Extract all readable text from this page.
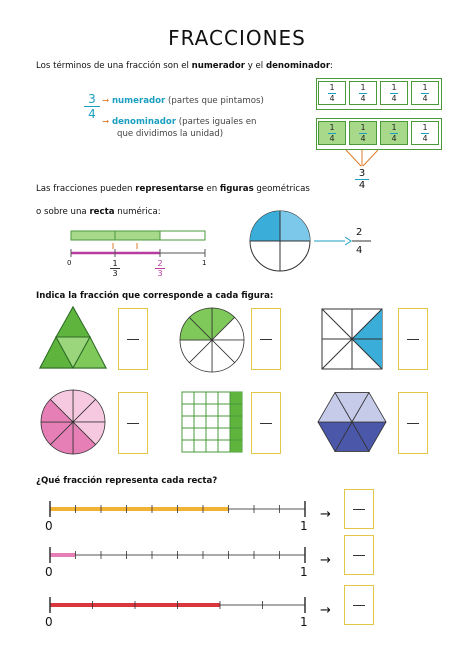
FRACCIONES
Los términos de una fracción son el numerador y el denominador:
$\frac{3}{4}$ ➞ numerador (partes que pintamos)
➞ denominador (partes iguales en
que dividimos la unidad)
$\frac{1}{4} \frac{1}{4} \frac{1}{4} \frac{1}{4}$
$\frac{1}{4} \frac{1}{4} \frac{1}{4} \frac{1}{4}$
$\frac{3}{4}$
Las fracciones pueden representarse en figuras geométricas
o sobre una recta numérica:
0	1
$\frac{1}{3}$	$\frac{2}{3}$
2
4
Indica la fracción que corresponde a cada figura:
¿Qué fracción representa cada recta?
0	1
→
0	1
→
0	1
→
